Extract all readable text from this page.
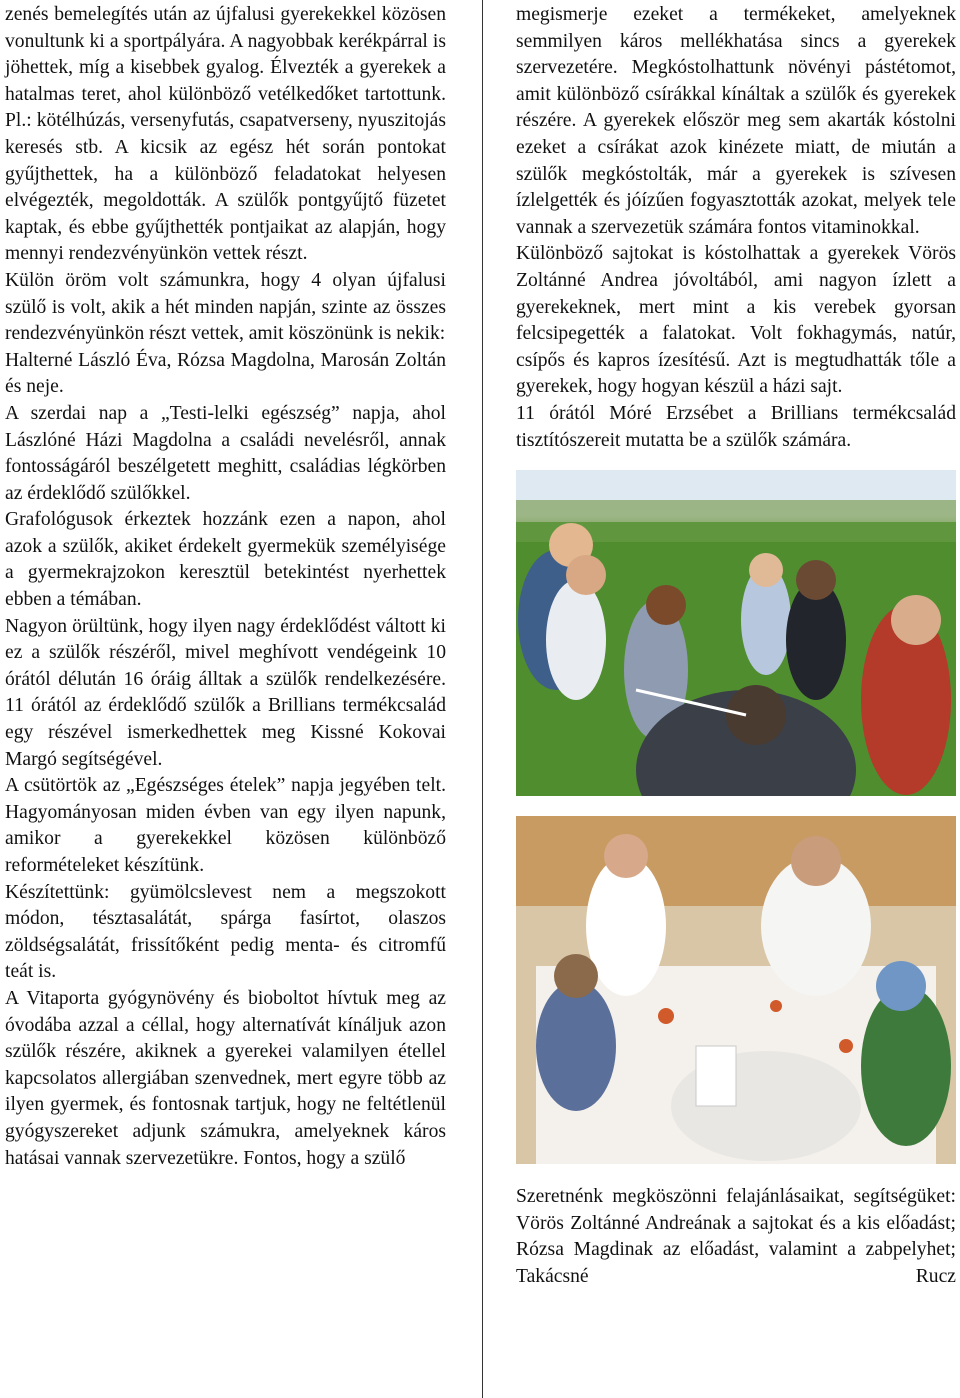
zenés bemelegítés után az újfalusi gyerekekkel közösen vonultunk ki a sportpályára. A nagyobbak kerékpárral is jöhettek, míg a kisebbek gyalog. Élvezték a gyerekek a hatalmas teret, ahol különböző vetélkedőket tartottunk. Pl.: kötélhúzás, versenyfutás, csapatverseny, nyuszitojás keresés stb. A kicsik az egész hét során pontokat gyűjthettek, ha a különböző feladatokat helyesen elvégezték, megoldották. A szülők pontgyűjtő füzetet kaptak, és ebbe gyűjthették pontjaikat az alapján, hogy mennyi rendezvényünkön vettek részt.

Külön öröm volt számunkra, hogy 4 olyan újfalusi szülő is volt, akik a hét minden napján, szinte az összes rendezvényünkön részt vettek, amit köszönünk is nekik:

Halterné László Éva, Rózsa Magdolna, Marosán Zoltán és neje.

A szerdai nap a „Testi-lelki egészség” napja, ahol Lászlóné Házi Magdolna a családi nevelésről, annak fontosságáról beszélgetett meghitt, családias légkörben az érdeklődő szülőkkel.

Grafológusok érkeztek hozzánk ezen a napon, ahol azok a szülők, akiket érdekelt gyermekük személyisége a gyermekrajzokon keresztül betekintést nyerhettek ebben a témában.

Nagyon örültünk, hogy ilyen nagy érdeklődést váltott ki ez a szülők részéről, mivel meghívott vendégeink 10 órától délután 16 óráig álltak a szülők rendelkezésére. 11 órától az érdeklődő szülők a Brillians termékcsalád egy részével ismerkedhettek meg Kissné Kokovai Margó segítségével.

A csütörtök az „Egészséges ételek” napja jegyében telt. Hagyományosan miden évben van egy ilyen napunk, amikor a gyerekekkel közösen különböző reformételeket készítünk.

Készítettünk: gyümölcslevest nem a megszokott módon, tésztasalátát, spárga fasírtot, olaszos zöldségsalátát, frissítőként pedig menta- és citromfű teát is.

A Vitaporta gyógynövény és bioboltot hívtuk meg az óvodába azzal a céllal, hogy alternatívát kínáljuk azon szülők részére, akiknek a gyerekei valamilyen étellel kapcsolatos allergiában szenvednek, mert egyre több az ilyen gyermek, és fontosnak tartjuk, hogy ne feltétlenül gyógyszereket adjunk számukra, amelyeknek káros hatásai vannak szervezetükre. Fontos, hogy a szülő

megismerje ezeket a termékeket, amelyeknek semmilyen káros mellékhatása sincs a gyerekek szervezetére. Megkóstolhattunk növényi pástétomot, amit különböző csírákkal kínáltak a szülők és gyerekek részére. A gyerekek először meg sem akarták kóstolni ezeket a csírákat azok kinézete miatt, de miután a szülők megkóstolták, már a gyerekek is szívesen ízlelgették és jóízűen fogyasztották azokat, melyek tele vannak a szervezetük számára fontos vitaminokkal.

Különböző sajtokat is kóstolhattak a gyerekek Vörös Zoltánné Andrea jóvoltából, ami nagyon ízlett a gyerekeknek, mert mint a kis verebek gyorsan felcsipegették a falatokat. Volt fokhagymás, natúr, csípős és kapros ízesítésű. Azt is megtudhatták tőle a gyerekek, hogy hogyan készül a házi sajt.

11 órától Móré Erzsébet a Brillians termékcsalád tisztítószereit mutatta be a szülők számára.

Szeretnénk megköszönni felajánlásaikat, segítségüket:

Vörös Zoltánné Andreának a sajtokat és a kis előadást; Rózsa Magdinak az előadást, valamint a zabpelyhet; Takácsné Rucz
